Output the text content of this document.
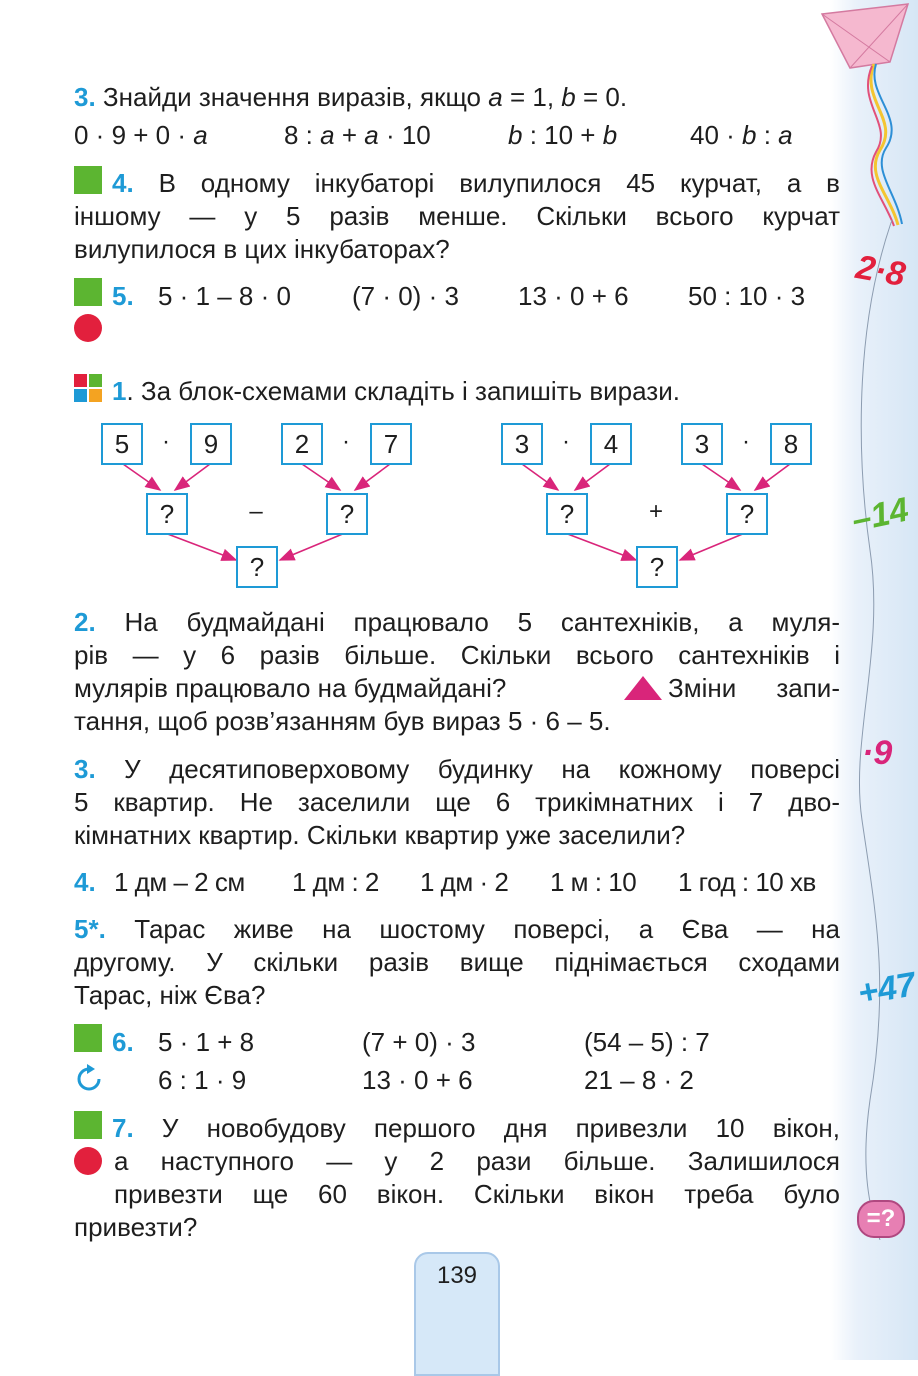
2·8
–14
·9
+47
=?
3. Знайди значення виразів, якщо a = 1, b = 0.
0 · 9 + 0 · a	8 : a + a · 10	b : 10 + b	40 · b : a
4. В одному інкубаторі вилупилося 45 курчат, а в
іншому — у 5 разів менше. Скільки всього курчат
вилупилося в цих інкубаторах?
5. 5 · 1 – 8 · 0 (7 · 0) · 3 13 · 0 + 6 50 : 10 · 3
1. За блок-схемами складіть і запишіть вирази.
5	·	9	2	·	7
?	–	?
?
3	·	4	3	·	8
?	+	?
?
2. На будмайдані працювало 5 сантехніків, а муля-
рів — у 6 разів більше. Скільки всього сантехніків і
мулярів працювало на будмайдані?	Зміни запи-
тання, щоб розв’язанням був вираз 5 · 6 – 5.
3. У десятиповерховому будинку на кожному поверсі
5 квартир. Не заселили ще 6 трикімнатних і 7 дво-
кімнатних квартир. Скільки квартир уже заселили?
4. 1 дм – 2 см 1 дм : 2 1 дм · 2 1 м : 10 1 год : 10 хв
5*. Тарас живе на шостому поверсі, а Єва — на
другому. У скільки разів вище піднімається сходами
Тарас, ніж Єва?
6. 5 · 1 + 8	(7 + 0) · 3	(54 – 5) : 7
6 : 1 · 9	13 · 0 + 6	21 – 8 · 2
7. У новобудову першого дня привезли 10 вікон,
а наступного — у 2 рази більше. Залишилося
привезти ще 60 вікон. Скільки вікон треба було
привезти?
139
